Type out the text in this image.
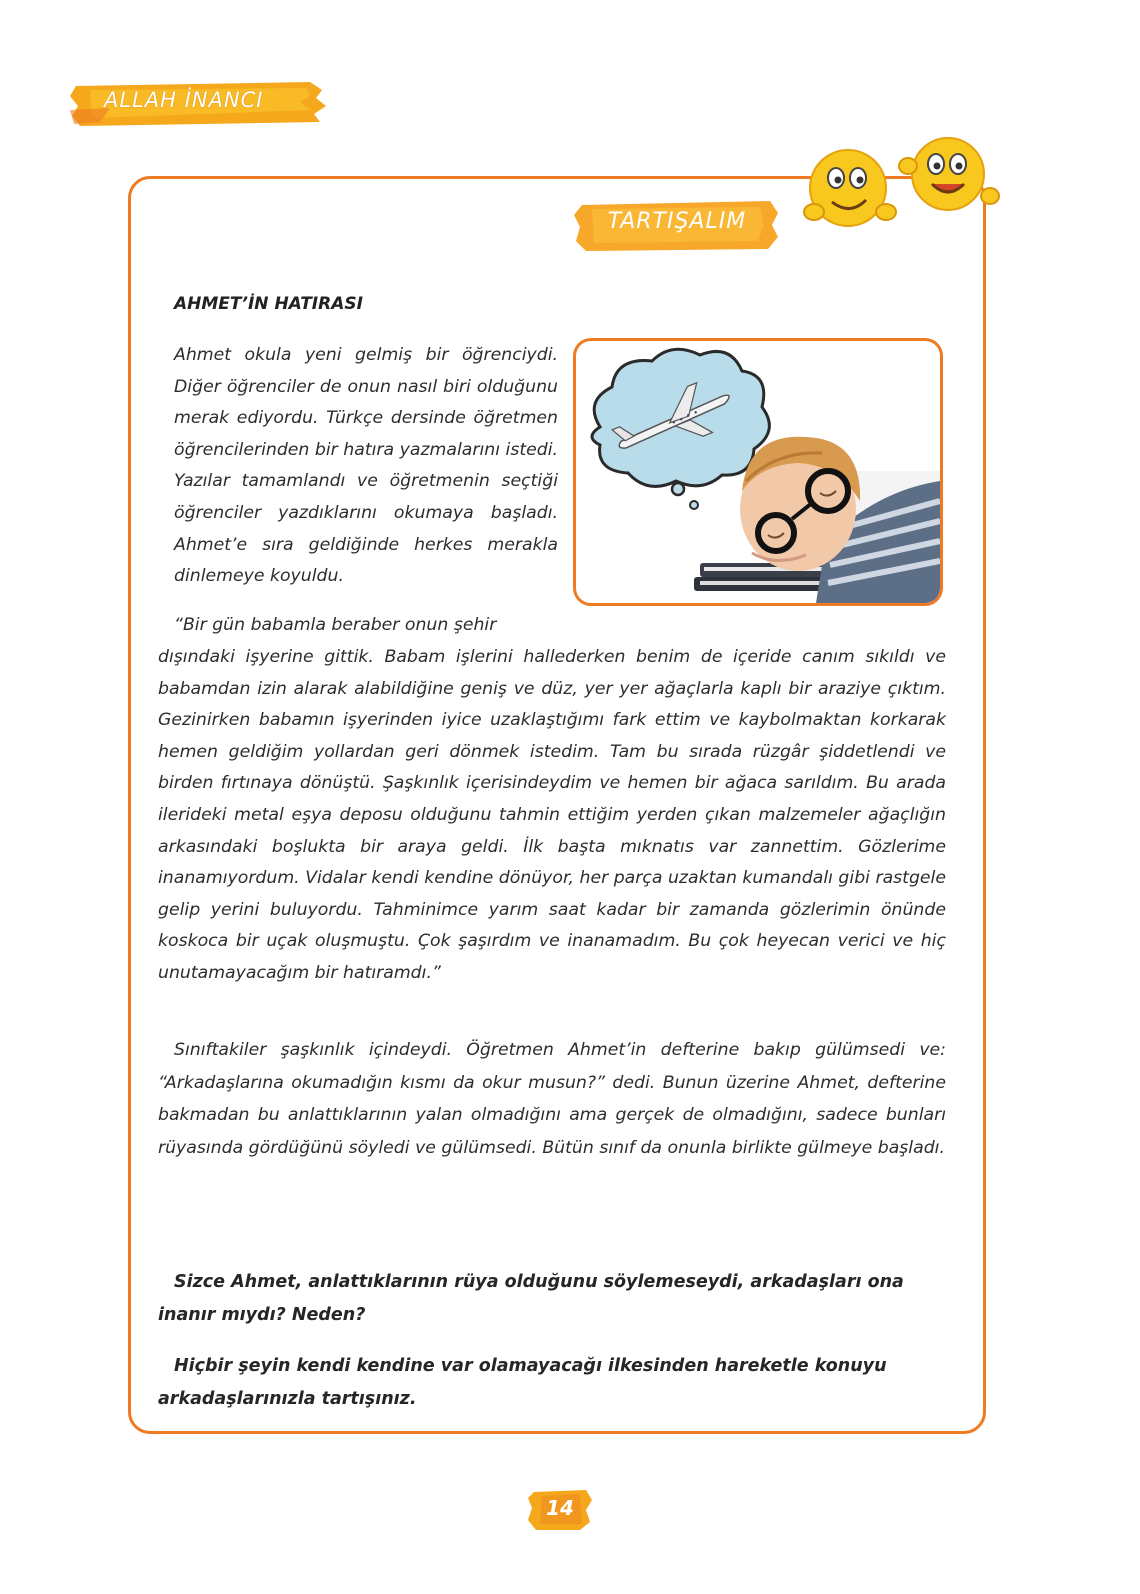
ALLAH İNANCI
TARTIŞALIM
AHMET’İN HATIRASI

Ahmet okula yeni gelmiş bir öğrenciydi. Diğer öğrenciler de onun nasıl biri olduğunu merak ediyordu. Türkçe dersinde öğretmen öğrencilerinden bir hatıra yazmalarını istedi. Yazılar tamamlandı ve öğretmenin seçtiği öğrenciler yazdıklarını okumaya başladı. Ahmet’e sıra geldiğinde herkes merakla dinlemeye koyuldu.

“Bir gün babamla beraber onun şehir

dışındaki işyerine gittik. Babam işlerini hallederken benim de içeride canım sıkıldı ve babamdan izin alarak alabildiğine geniş ve düz, yer yer ağaçlarla kaplı bir araziye çıktım. Gezinirken babamın işyerinden iyice uzaklaştığımı fark ettim ve kaybolmaktan korkarak hemen geldiğim yollardan geri dönmek istedim. Tam bu sırada rüzgâr şiddetlendi ve birden fırtınaya dönüştü. Şaşkınlık içerisindeydim ve hemen bir ağaca sarıldım. Bu arada ilerideki metal eşya deposu olduğunu tahmin ettiğim yerden çıkan malzemeler ağaçlığın arkasındaki boşlukta bir araya geldi. İlk başta mıknatıs var zannettim. Gözlerime inanamıyordum. Vidalar kendi kendine dönüyor, her parça uzaktan kumandalı gibi rastgele gelip yerini buluyordu. Tahminimce yarım saat kadar bir zamanda gözlerimin önünde koskoca bir uçak oluşmuştu. Çok şaşırdım ve inanamadım. Bu çok heyecan verici ve hiç unutamayacağım bir hatıramdı.”

Sınıftakiler şaşkınlık içindeydi. Öğretmen Ahmet’in defterine bakıp gülümsedi ve: “Arkadaşlarına okumadığın kısmı da okur musun?” dedi. Bunun üzerine Ahmet, defterine bakmadan bu anlattıklarının yalan olmadığını ama gerçek de olmadığını, sadece bunları rüyasında gördüğünü söyledi ve gülümsedi. Bütün sınıf da onunla birlikte gülmeye başladı.

Sizce Ahmet, anlattıklarının rüya olduğunu söylemeseydi, arkadaşları ona inanır mıydı? Neden?

Hiçbir şeyin kendi kendine var olamayacağı ilkesinden hareketle konuyu arkadaşlarınızla tartışınız.

14
